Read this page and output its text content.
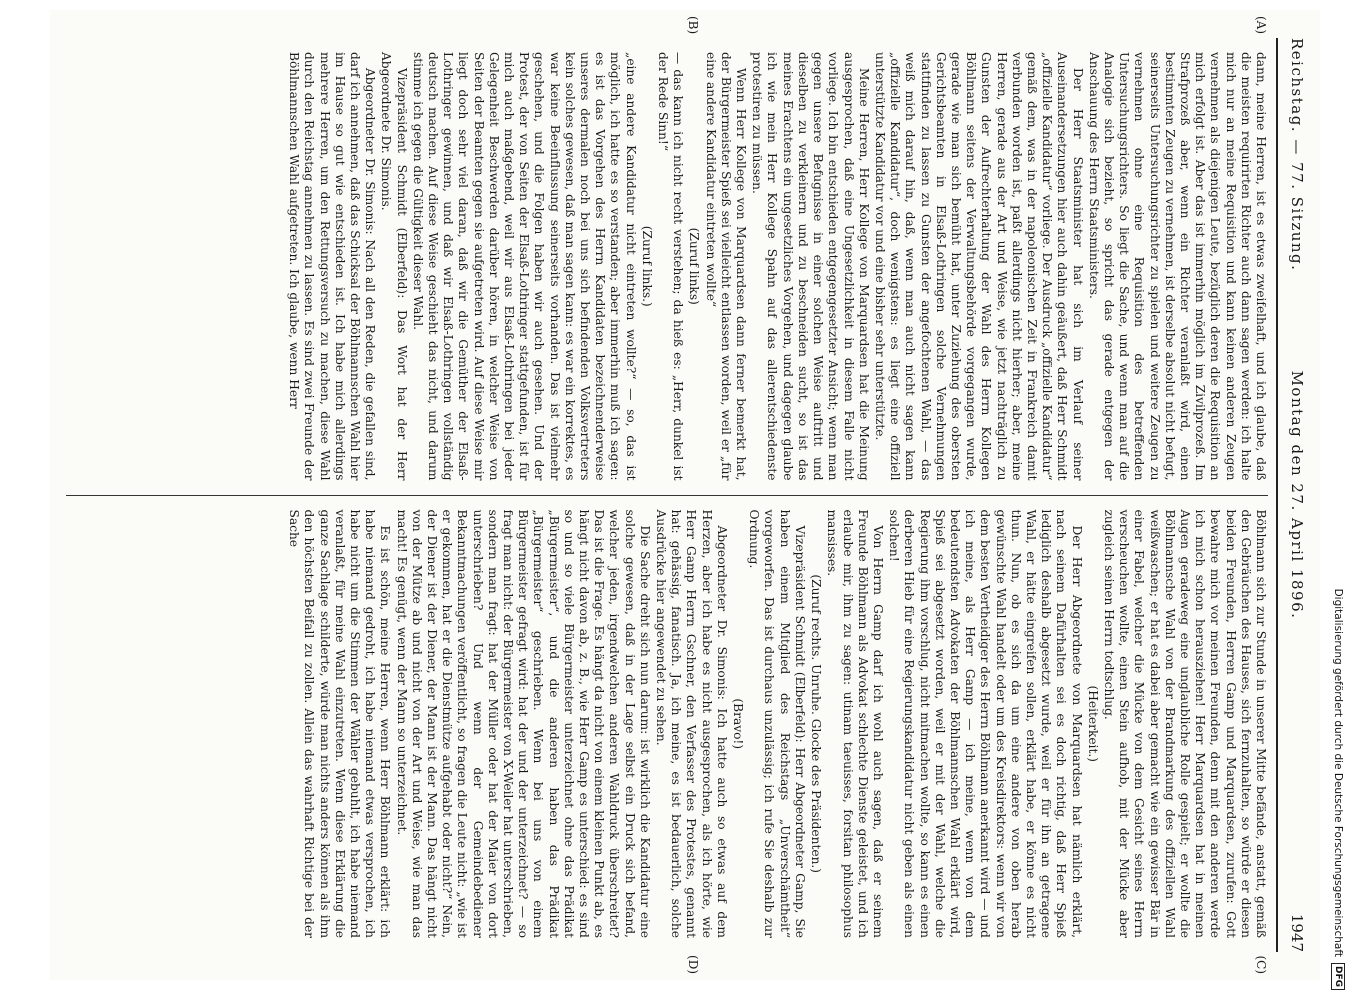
Reichstag. — 77. Sitzung.
Montag den 27. April 1896.
1947
(A)
(B)
(C)
(D)

dann, meine Herren, ist es etwas zweifelhaft, und ich glaube, daß die meisten requirirten Richter auch dann sagen werden: ich halte mich nur an meine Requisition und kann keinen anderen Zeugen vernehmen als diejenigen Leute, bezüglich deren die Requisition an mich erfolgt ist. Aber das ist immerhin möglich im Zivilprozeß. Im Strafprozeß aber, wenn ein Richter veranlaßt wird, einen bestimmten Zeugen zu vernehmen, ist derselbe absolut nicht befugt, seinerseits Untersuchungsrichter zu spielen und weitere Zeugen zu vernehmen ohne eine Requisition des betreffenden Untersuchungsrichters. So liegt die Sache, und wenn man auf die Analogie sich bezieht, so spricht das gerade entgegen der Anschauung des Herrn Staatsministers.

Der Herr Staatsminister hat sich im Verlauf seiner Auseinandersetzungen hier auch dahin geäußert, daß Herr Schmidt „offizielle Kandidatur“ vorliege. Der Ausdruck „offizielle Kandidatur“ gemäß dem, was in der napoleonischen Zeit in Frankreich damit verbunden worden ist, paßt allerdings nicht hierher; aber, meine Herren, gerade aus der Art und Weise, wie jetzt nachträglich zu Gunsten der Aufrechterhaltung der Wahl des Herrn Kollegen Böhlmann seitens der Verwaltungsbehörde vorgegangen wurde, gerade wie man sich bemüht hat, unter Zuziehung des obersten Gerichtsbeamten in Elsaß-Lothringen solche Vernehmungen stattfinden zu lassen zu Gunsten der angefochtenen Wahl, — das weiß mich darauf hin, daß, wenn man auch nicht sagen kann „offizielle Kandidatur“, doch wenigstens: es liegt eine offiziell unterstützte Kandidatur vor und eine bisher sehr unterstützte.

Meine Herren, Herr Kollege von Marquardsen hat die Meinung ausgesprochen, daß eine Ungesetzlichkeit in diesem Falle nicht vorliege. Ich bin entschieden entgegengesetzter Ansicht; wenn man gegen unsere Befugnisse in einer solchen Weise auftritt und dieselben zu verkleinern und zu beschneiden sucht, so ist das meines Erachtens ein ungesetzliches Vorgehen, und dagegen glaube ich wie mein Herr Kollege Spahn auf das allerentschiedenste protestiren zu müssen.

Wenn Herr Kollege von Marquardsen dann ferner bemerkt hat, der Bürgermeister Spieß sei vielleicht entlassen worden, weil er „für eine andere Kandidatur eintreten wollte“

(Zuruf links)

— das kann ich nicht recht verstehen; da hieß es: „Herr, dunkel ist der Rede Sinn!“

(Zuruf links.)

„eine andere Kandidatur nicht eintreten wollte?“ — so, das ist möglich, ich hatte es so verstanden; aber immerhin muß ich sagen: es ist das Vorgehen des Herrn Kandidaten bezeichnenderweise unseres dermalen noch bei uns sich befindenden Volksvertreters kein solches gewesen, daß man sagen kann: es war ein korrektes, es war keine Beeinflussung seinerseits vorhanden. Das ist vielmehr geschehen, und die Folgen haben wir auch gesehen. Und der Protest, der von Seiten der Elsaß-Lothringer stattgefunden, ist für mich auch maßgebend, weil wir aus Elsaß-Lothringen bei jeder Gelegenheit Beschwerden darüber hören, in welcher Weise von Seiten der Beamten gegen sie aufgetreten wird. Auf diese Weise mir liegt doch sehr viel daran, daß wir die Gemüther der Elsaß-Lothringer gewinnen, und daß wir Elsaß-Lothringen vollständig deutsch machen. Auf diese Weise geschieht das nicht, und darum stimme ich gegen die Gültigkeit dieser Wahl.

Vizepräsident Schmidt (Elberfeld): Das Wort hat der Herr Abgeordnete Dr. Simonis.

Abgeordneter Dr. Simonis: Nach all den Reden, die gefallen sind, darf ich annehmen, daß das Schicksal der Böhlmannschen Wahl hier im Hause so gut wie entschieden ist. Ich habe mich allerdings mehrere Herren, um den Rettungsversuch zu machen, diese Wahl durch den Reichstag annehmen zu lassen. Es sind zwei Freunde der Böhlmannschen Wahl aufgetreten. Ich glaube, wenn Herr

Böhlmann sich zur Stunde in unserer Mitte befände, anstatt, gemäß den Gebräuchen des Hauses, sich fernzuhalten, so würde er diesen beiden Freunden, Herren Gamp und Marquardsen, zurufen: Gott bewahre mich vor meinen Freunden, denn mit den anderen werde ich mich schon herausziehen! Herr Marquardsen hat in meinen Augen geradeweg eine unglaubliche Rolle gespielt; er wollte die Böhlmannsche Wahl von der Brandmarkung des offiziellen Wahl weißwaschen; er hat es dabei aber gemacht wie ein gewisser Bär in einer Fabel, welcher die Mücke von dem Gesicht seines Herrn verscheuchen wollte, einen Stein aufhob, mit der Mücke aber zugleich seinen Herrn todtschlug.

(Heiterkeit.)

Der Herr Abgeordnete von Marquardsen hat nämlich erklärt, nach seinem Dafürhalten sei es doch richtig, daß Herr Spieß lediglich deshalb abgesetzt wurde, weil er für ihn an getragene Wahl, er hätte eingreifen sollen, erklärt habe, er könne es nicht thun. Nun, ob es sich da um eine andere von oben herab gewünschte Wahl handelt oder um des Kreisdirektors: wenn wir von dem besten Vertheidiger des Herrn Böhlmann anerkannt wird — und ich meine, als Herr Gamp — ich meine, wenn von dem bedeutendsten Advokaten der Böhlmannschen Wahl erklärt wird, Spieß sei abgesetzt worden, weil er mit der Wahl, welche die Regierung ihm vorschlug, nicht mitmachen wollte, so kann es einen derberen Hieb für eine Regierungskandidatur nicht geben als einen solchen!

Von Herrn Gamp darf ich wohl auch sagen, daß er seinem Freunde Böhlmann als Advokat schlechte Dienste geleistet, und ich erlaube mir, ihm zu sagen: utinam taeuisses, forsitan philosophus mansisses.

(Zuruf rechts. Unruhe. Glocke des Präsidenten.)

Vizepräsident Schmidt (Elberfeld): Herr Abgeordneter Gamp, Sie haben einem Mitglied des Reichstags „Unverschämtheit“ vorgeworfen. Das ist durchaus unzulässig; ich rufe Sie deshalb zur Ordnung.

(Bravo!)

Abgeordneter Dr. Simonis: Ich hatte auch so etwas auf dem Herzen, aber ich habe es nicht ausgesprochen, als ich hörte, wie Herr Gamp Herrn Gschner, den Verfasser des Protestes, genannt hat: gehässig, fanatisch. Ja, ich meine, es ist bedauerlich, solche Ausdrücke hier angewendet zu sehen.

Die Sache dreht sich nun darum: ist wirklich die Kandidatur eine solche gewesen, daß in der Lage selbst ein Druck sich befand, welcher jeden, irgendwelchen anderen Wahldruck überschreitet? Das ist die Frage. Es hängt da nicht von einem kleinen Punkt ab, es hängt nicht davon ab, z. B., wie Herr Gamp es unterschied: es sind so und so viele Bürgermeister unterzeichnet ohne das Prädikat „Bürgermeister“, und die anderen haben das Prädikat „Bürgermeister“ geschrieben. Wenn bei uns von einem Bürgermeister gefragt wird: hat der und der unterzeichnet? — so fragt man nicht: der Bürgermeister von X-Weiler hat unterschrieben, sondern man fragt: hat der Müller oder hat der Maier von dort unterschrieben? Und wenn der Gemeindebediener Bekanntmachungen veröffentlicht, so fragen die Leute nicht: „wie ist er gekommen, hat er die Dienstmütze aufgehabt oder nicht?“ Nein, der Diener ist der Diener, der Mann ist der Mann. Das hängt nicht von der Mütze ab und nicht von der Art und Weise, wie man das macht! Es genügt, wenn der Mann so unterzeichnet.

Es ist schön, meine Herren, wenn Herr Böhlmann erklärt: ich habe niemand gedroht, ich habe niemand etwas versprochen, ich habe nicht um die Stimmen der Wähler gebuhlt, ich habe niemand veranlaßt, für meine Wahl einzutreten. Wenn diese Erklärung die ganze Sachlage schilderte, würde man nichts anders können als ihm den höchsten Beifall zu zollen. Allein das wahrhaft Richtige bei der Sache

Digitalisierung gefördert durch die Deutsche ForschungsgemeinschaftDFG
